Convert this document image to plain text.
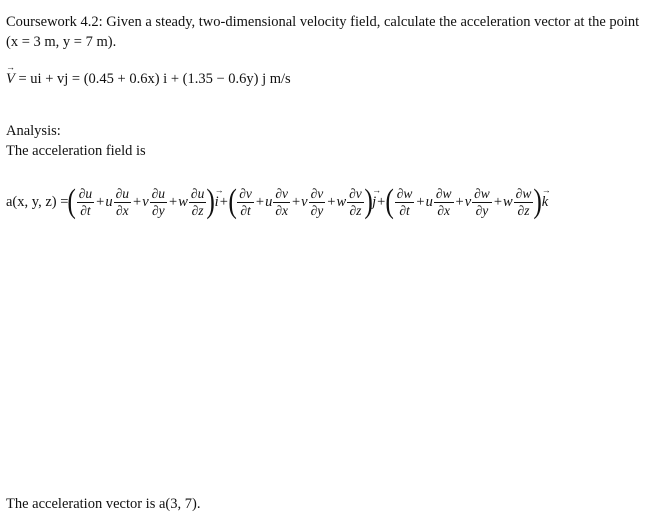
Coursework 4.2: Given a steady, two-dimensional velocity field, calculate the acceleration vector at the point
(x = 3 m, y = 7 m).
→ V = ui + vj = (0.45 + 0.6x) i + (1.35 − 0.6y) j m/s
Analysis:
The acceleration field is
a(x, y, z) = ( $\frac{\partial u}{\partial t} + u \frac{\partial u}{\partial x} + v \frac{\partial u}{\partial y} + w \frac{\partial u}{\partial z}$ ) → i + ( $\frac{\partial v}{\partial t} + u \frac{\partial v}{\partial x} + v \frac{\partial v}{\partial y} + w \frac{\partial v}{\partial z}$ ) → j + ( $\frac{\partial w}{\partial t} + u \frac{\partial w}{\partial x} + v \frac{\partial w}{\partial y} + w \frac{\partial w}{\partial z}$ ) → k
The acceleration vector is a(3, 7).
